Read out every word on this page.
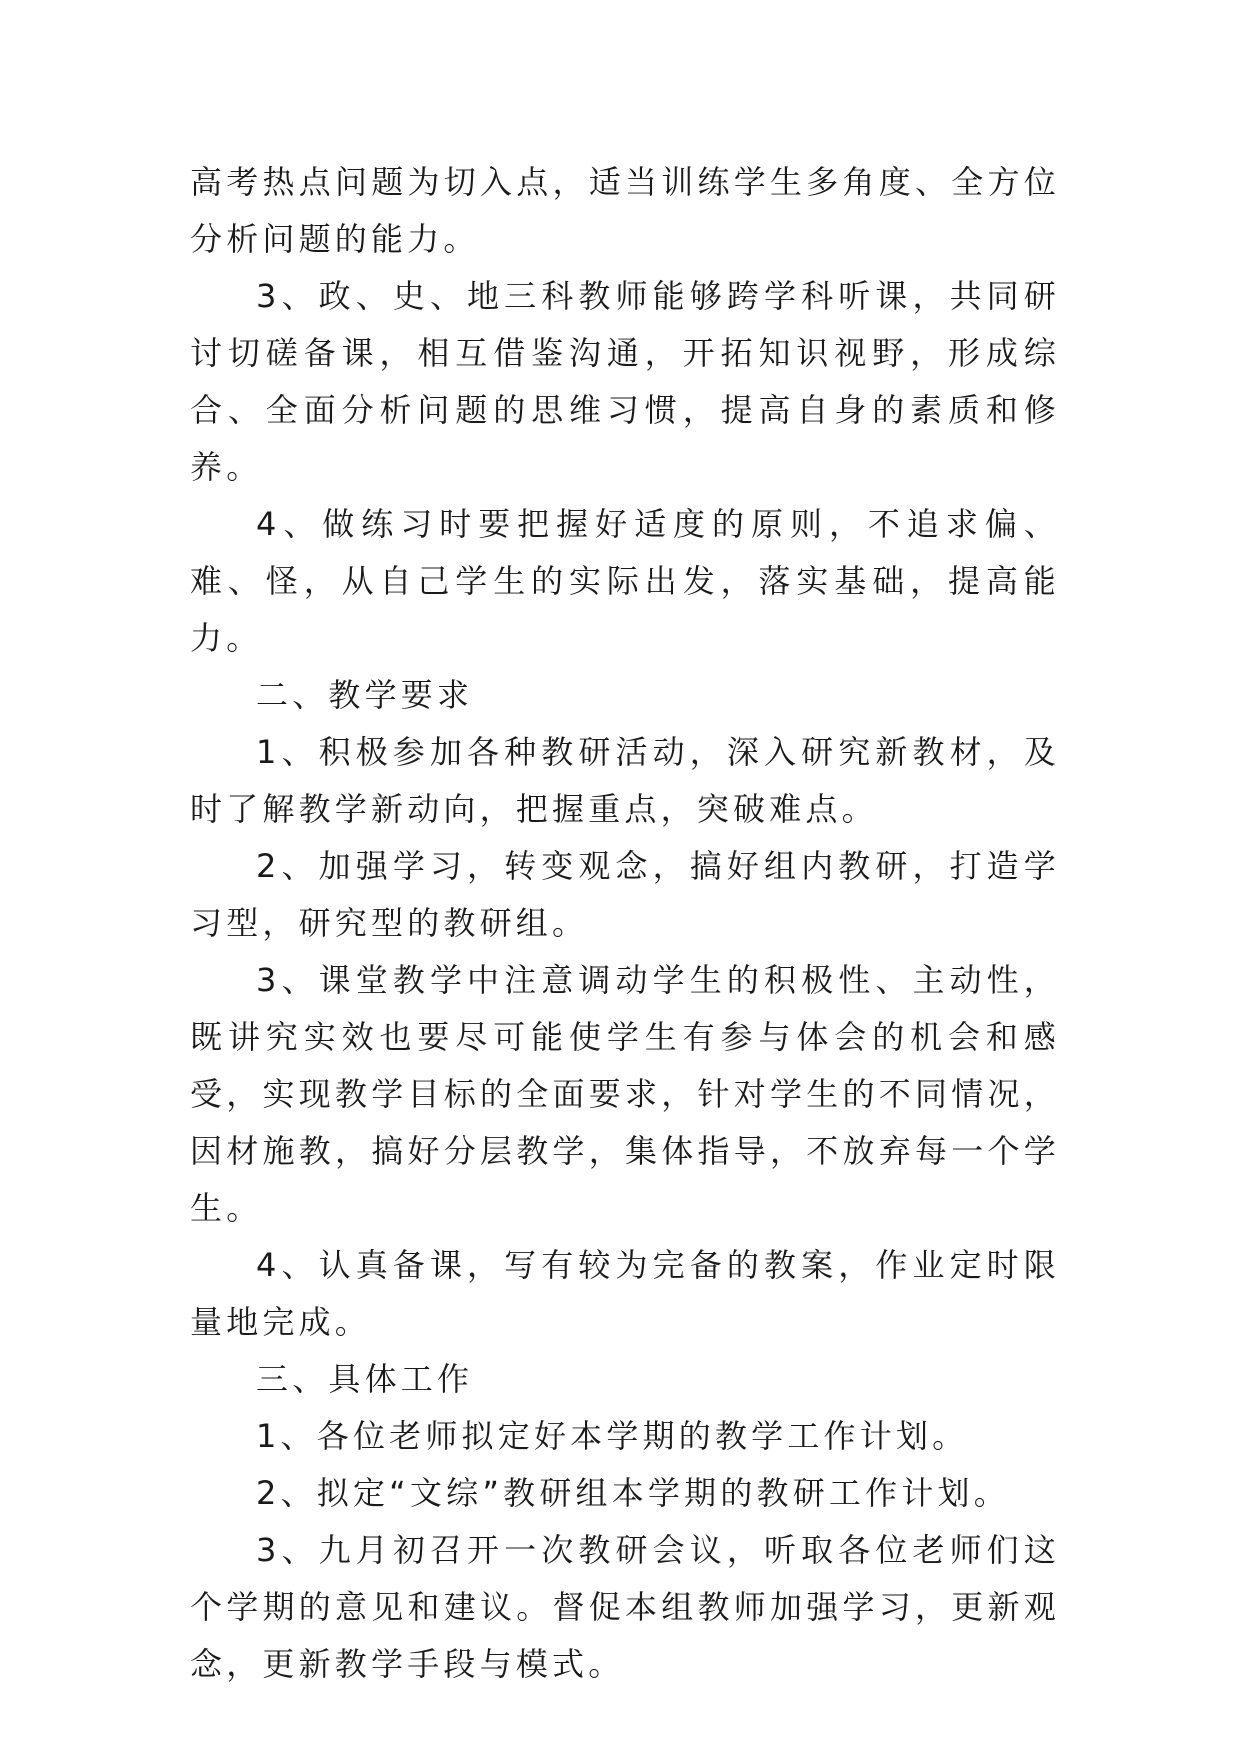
高考热点问题为切入点，适当训练学生多角度、全方位分析问题的能力。

3、政、史、地三科教师能够跨学科听课，共同研讨切磋备课，相互借鉴沟通，开拓知识视野，形成综合、全面分析问题的思维习惯，提高自身的素质和修养。

4、做练习时要把握好适度的原则，不追求偏、难、怪，从自己学生的实际出发，落实基础，提高能力。

二、教学要求

1、积极参加各种教研活动，深入研究新教材，及时了解教学新动向，把握重点，突破难点。

2、加强学习，转变观念，搞好组内教研，打造学习型，研究型的教研组。

3、课堂教学中注意调动学生的积极性、主动性，既讲究实效也要尽可能使学生有参与体会的机会和感受，实现教学目标的全面要求，针对学生的不同情况，因材施教，搞好分层教学，集体指导，不放弃每一个学生。

4、认真备课，写有较为完备的教案，作业定时限量地完成。

三、具体工作

1、各位老师拟定好本学期的教学工作计划。

2、拟定“文综”教研组本学期的教研工作计划。

3、九月初召开一次教研会议，听取各位老师们这个学期的意见和建议。督促本组教师加强学习，更新观念，更新教学手段与模式。
